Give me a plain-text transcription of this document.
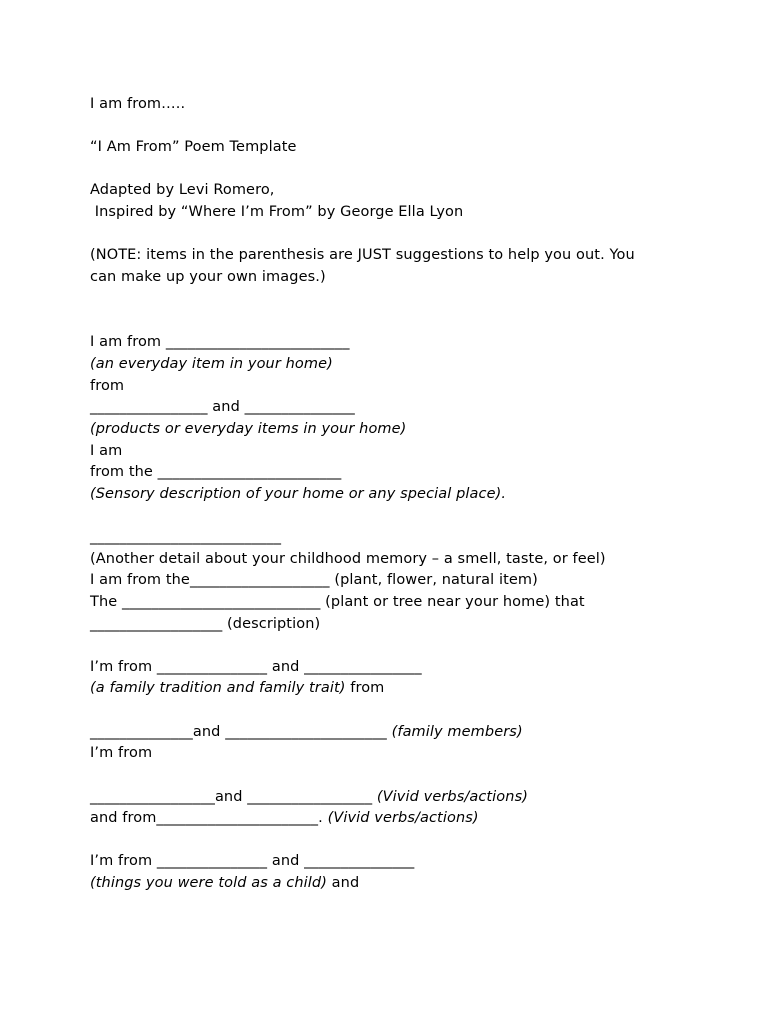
I am from…..
“I Am From” Poem Template
Adapted by Levi Romero,
Inspired by “Where I’m From” by George Ella Lyon
(NOTE: items in the parenthesis are JUST suggestions to help you out. You
can make up your own images.)
I am from _________________________
(an everyday item in your home)
from
________________ and _______________
(products or everyday items in your home)
I am
from the _________________________
(Sensory description of your home or any special place).
__________________________
(Another detail about your childhood memory – a smell, taste, or feel)
I am from the___________________ (plant, flower, natural item)
The ___________________________ (plant or tree near your home) that
__________________ (description)
I’m from _______________ and ________________
(a family tradition and family trait) from
______________and ______________________ (family members)
I’m from
_________________and _________________ (Vivid verbs/actions)
and from______________________. (Vivid verbs/actions)
I’m from _______________ and _______________
(things you were told as a child) and
